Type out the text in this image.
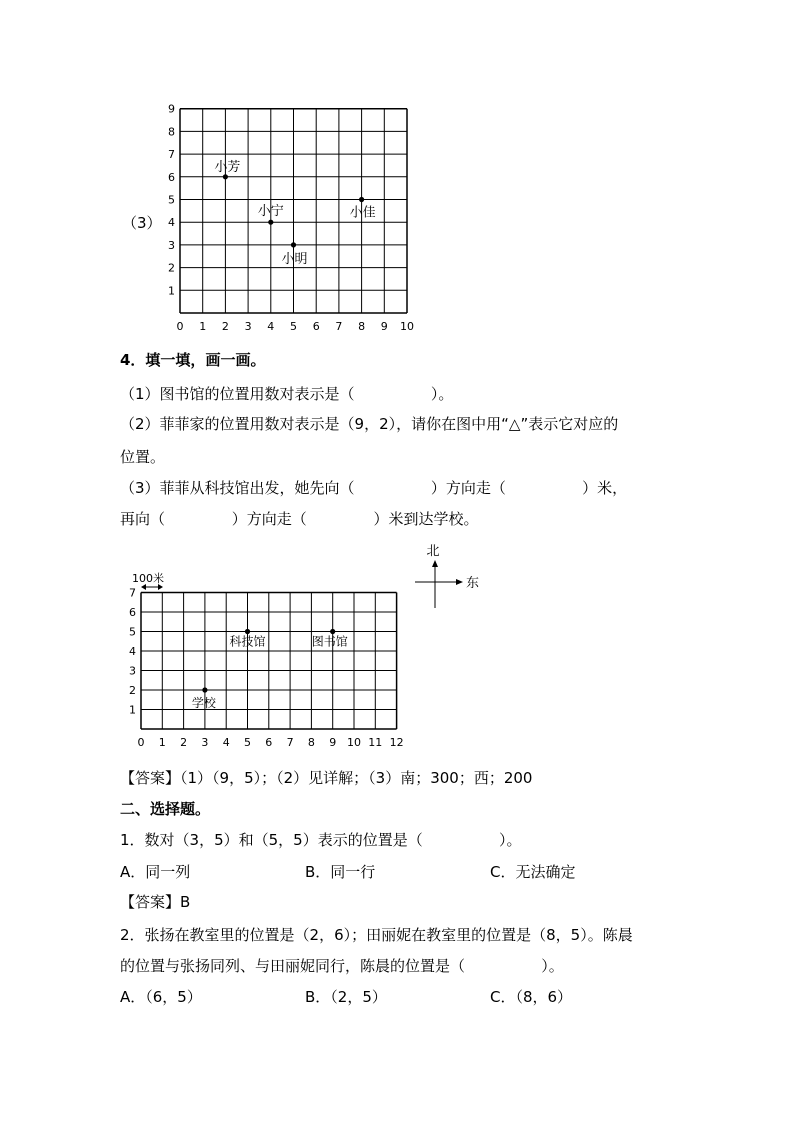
（3）
1
2
3
4
5
6
7
8
9
0 1 2 3 4 5 6 7 8 9 10
小芳
小宁
小明
小佳
4．填一填，画一画。
（1）图书馆的位置用数对表示是（                ）。
（2）菲菲家的位置用数对表示是（9，2），请你在图中用“△”表示它对应的
位置。
（3）菲菲从科技馆出发，她先向（                ）方向走（                ）米，
再向（              ）方向走（              ）米到达学校。
1
2
3
4
5
6
7
0 1 2 3 4 5 6 7 8 9 10 11 12
科技馆	图书馆
学校
100米
北
东
【答案】（1）（9，5）；（2）见详解；（3）南；300；西；200
二、选择题。
1．数对（3，5）和（5，5）表示的位置是（                ）。
A．同一列	B．同一行	C．无法确定
【答案】B
2．张扬在教室里的位置是（2，6）；田丽妮在教室里的位置是（8，5）。陈晨
的位置与张扬同列、与田丽妮同行，陈晨的位置是（                ）。
A．（6，5）	B．（2，5）	C．（8，6）
